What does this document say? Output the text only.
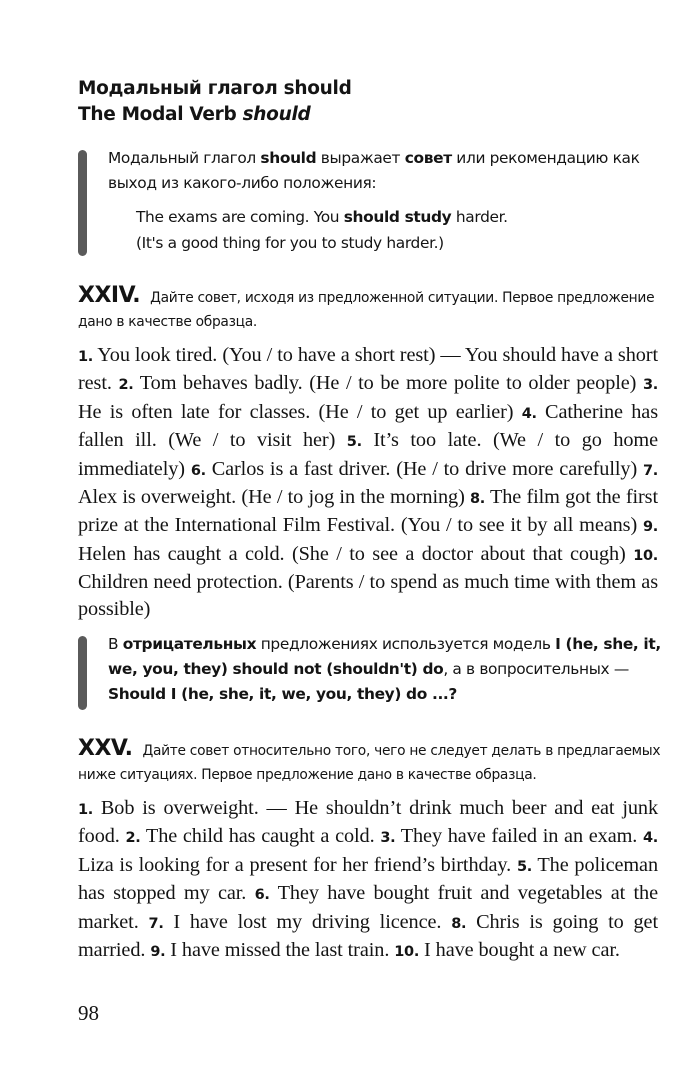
Модальный глагол should
The Modal Verb should
Модальный глагол should выражает совет или рекомендацию как выход из какого-либо положения:
The exams are coming. You should study harder.
(It's a good thing for you to study harder.)
XXIV. Дайте совет, исходя из предложенной ситуации. Первое предложение дано в качестве образца.
1. You look tired. (You / to have a short rest) — You should have a short rest. 2. Tom behaves badly. (He / to be more polite to older people) 3. He is often late for classes. (He / to get up earlier) 4. Catherine has fallen ill. (We / to visit her) 5. It’s too late. (We / to go home immediately) 6. Carlos is a fast driver. (He / to drive more carefully) 7. Alex is overweight. (He / to jog in the morning) 8. The film got the first prize at the International Film Festival. (You / to see it by all means) 9. Helen has caught a cold. (She / to see a doctor about that cough) 10. Children need protection. (Parents / to spend as much time with them as possible)
В отрицательных предложениях используется модель I (he, she, it, we, you, they) should not (shouldn't) do, а в вопросительных — Should I (he, she, it, we, you, they) do ...?
XXV. Дайте совет относительно того, чего не следует делать в предлагаемых ниже ситуациях. Первое предложение дано в качестве образца.
1. Bob is overweight. — He shouldn’t drink much beer and eat junk food. 2. The child has caught a cold. 3. They have failed in an exam. 4. Liza is looking for a present for her friend’s birthday. 5. The policeman has stopped my car. 6. They have bought fruit and vegetables at the market. 7. I have lost my driving licence. 8. Chris is going to get married. 9. I have missed the last train. 10. I have bought a new car.
98
